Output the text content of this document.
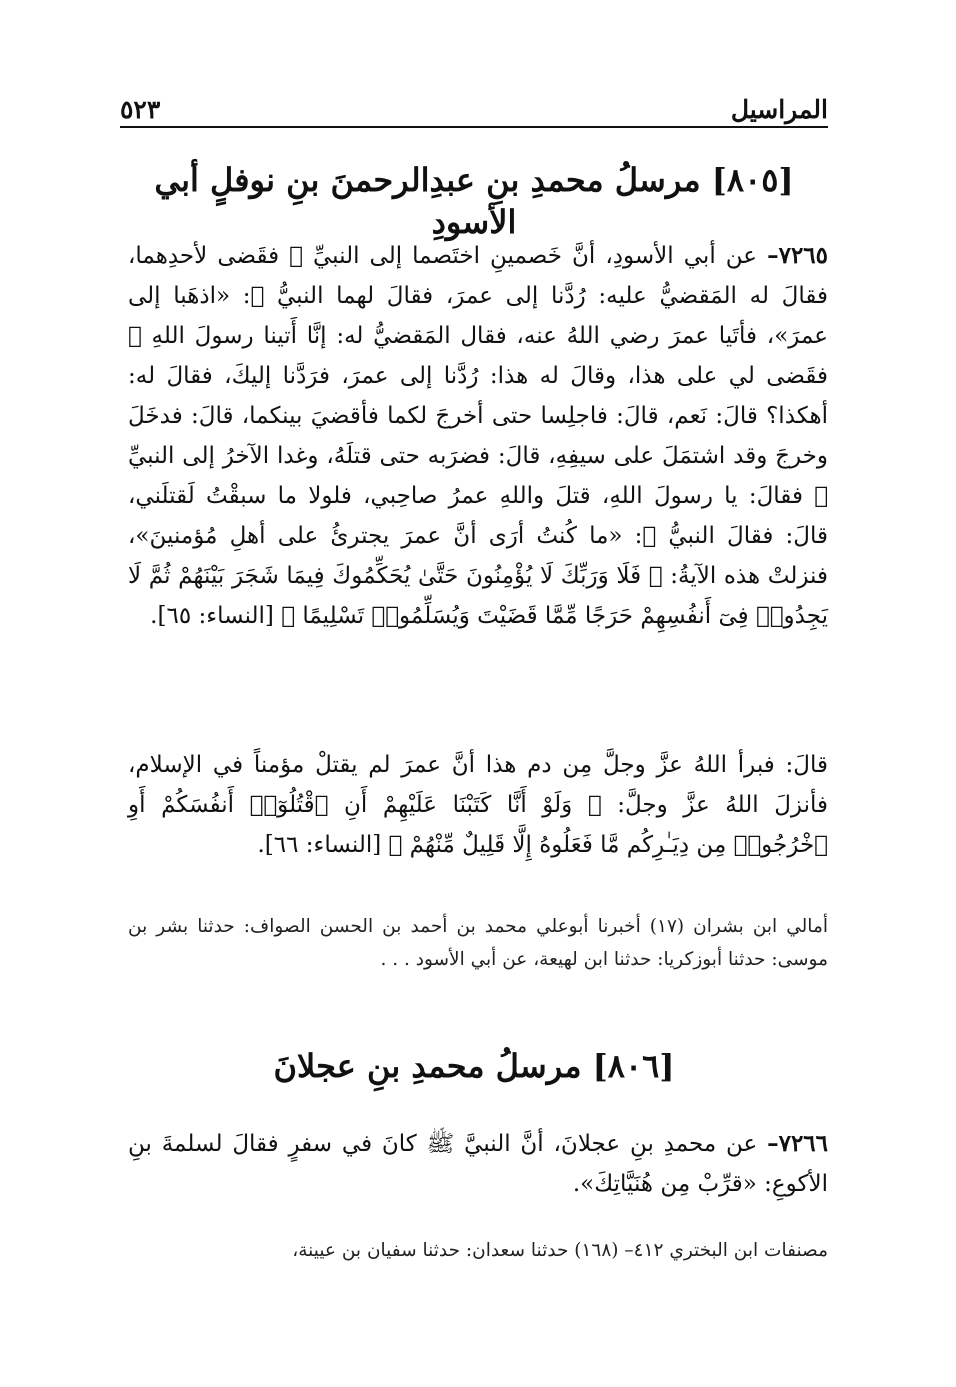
المراسيل
٥٢٣
[٨٠٥] مرسلُ محمدِ بنِ عبدِالرحمنَ بنِ نوفلٍ أبي الأسودِ
٧٢٦٥– عن أبي الأسودِ، أنَّ خَصمينِ اختَصما إلى النبيِّ ﷺ فقَضى لأحدِهما، فقالَ له المَقضيُّ عليه: رُدَّنا إلى عمرَ، فقالَ لهما النبيُّ ﷺ: «اذهَبا إلى عمرَ»، فأتَيا عمرَ رضي اللهُ عنه، فقال المَقضيُّ له: إنَّا أَتينا رسولَ اللهِ ﷺ فقَضى لي على هذا، وقالَ له هذا: رُدَّنا إلى عمرَ، فرَدَّنا إليكَ، فقالَ له: أهكذا؟ قالَ: نَعم، قالَ: فاجلِسا حتى أخرجَ لكما فأقضيَ بينكما، قالَ: فدخَلَ وخرجَ وقد اشتمَلَ على سيفِهِ، قالَ: فضرَبه حتى قتلَهُ، وغدا الآخرُ إلى النبيِّ ﷺ فقالَ: يا رسولَ اللهِ، قتلَ واللهِ عمرُ صاحِبي، فلولا ما سبقْتُ لَقتلَني، قالَ: فقالَ النبيُّ ﷺ: «ما كُنتُ أرَى أنَّ عمرَ يجترئُ على أهلِ مُؤمنينَ»، فنزلتْ هذه الآيةُ: ﴿ فَلَا وَرَبِّكَ لَا يُؤْمِنُونَ حَتَّىٰ يُحَكِّمُوكَ فِيمَا شَجَرَ بَيْنَهُمْ ثُمَّ لَا يَجِدُوا۟ فِىٓ أَنفُسِهِمْ حَرَجًا مِّمَّا قَضَيْتَ وَيُسَلِّمُوا۟ تَسْلِيمًا ﴾ [النساء: ٦٥].
قالَ: فبرأ اللهُ عزَّ وجلَّ مِن دم هذا أنَّ عمرَ لم يقتلْ مؤمناً في الإسلام، فأنزلَ اللهُ عزَّ وجلَّ: ﴿ وَلَوْ أَنَّا كَتَبْنَا عَلَيْهِمْ أَنِ ٱقْتُلُوٓا۟ أَنفُسَكُمْ أَوِ ٱخْرُجُوا۟ مِن دِيَـٰرِكُم مَّا فَعَلُوهُ إِلَّا قَلِيلٌ مِّنْهُمْ ﴾ [النساء: ٦٦].
أمالي ابن بشران (١٧) أخبرنا أبوعلي محمد بن أحمد بن الحسن الصواف: حدثنا بشر بن موسى: حدثنا أبوزكريا: حدثنا ابن لهيعة، عن أبي الأسود . . .
[٨٠٦] مرسلُ محمدِ بنِ عجلانَ
٧٢٦٦– عن محمدِ بنِ عجلانَ، أنَّ النبيَّ ﷺ كانَ في سفرٍ فقالَ لسلمةَ بنِ الأكوعِ: «قرِّبْ مِن هُنَيَّاتِكَ».
مصنفات ابن البختري ٤١٢– (١٦٨) حدثنا سعدان: حدثنا سفيان بن عيينة،
